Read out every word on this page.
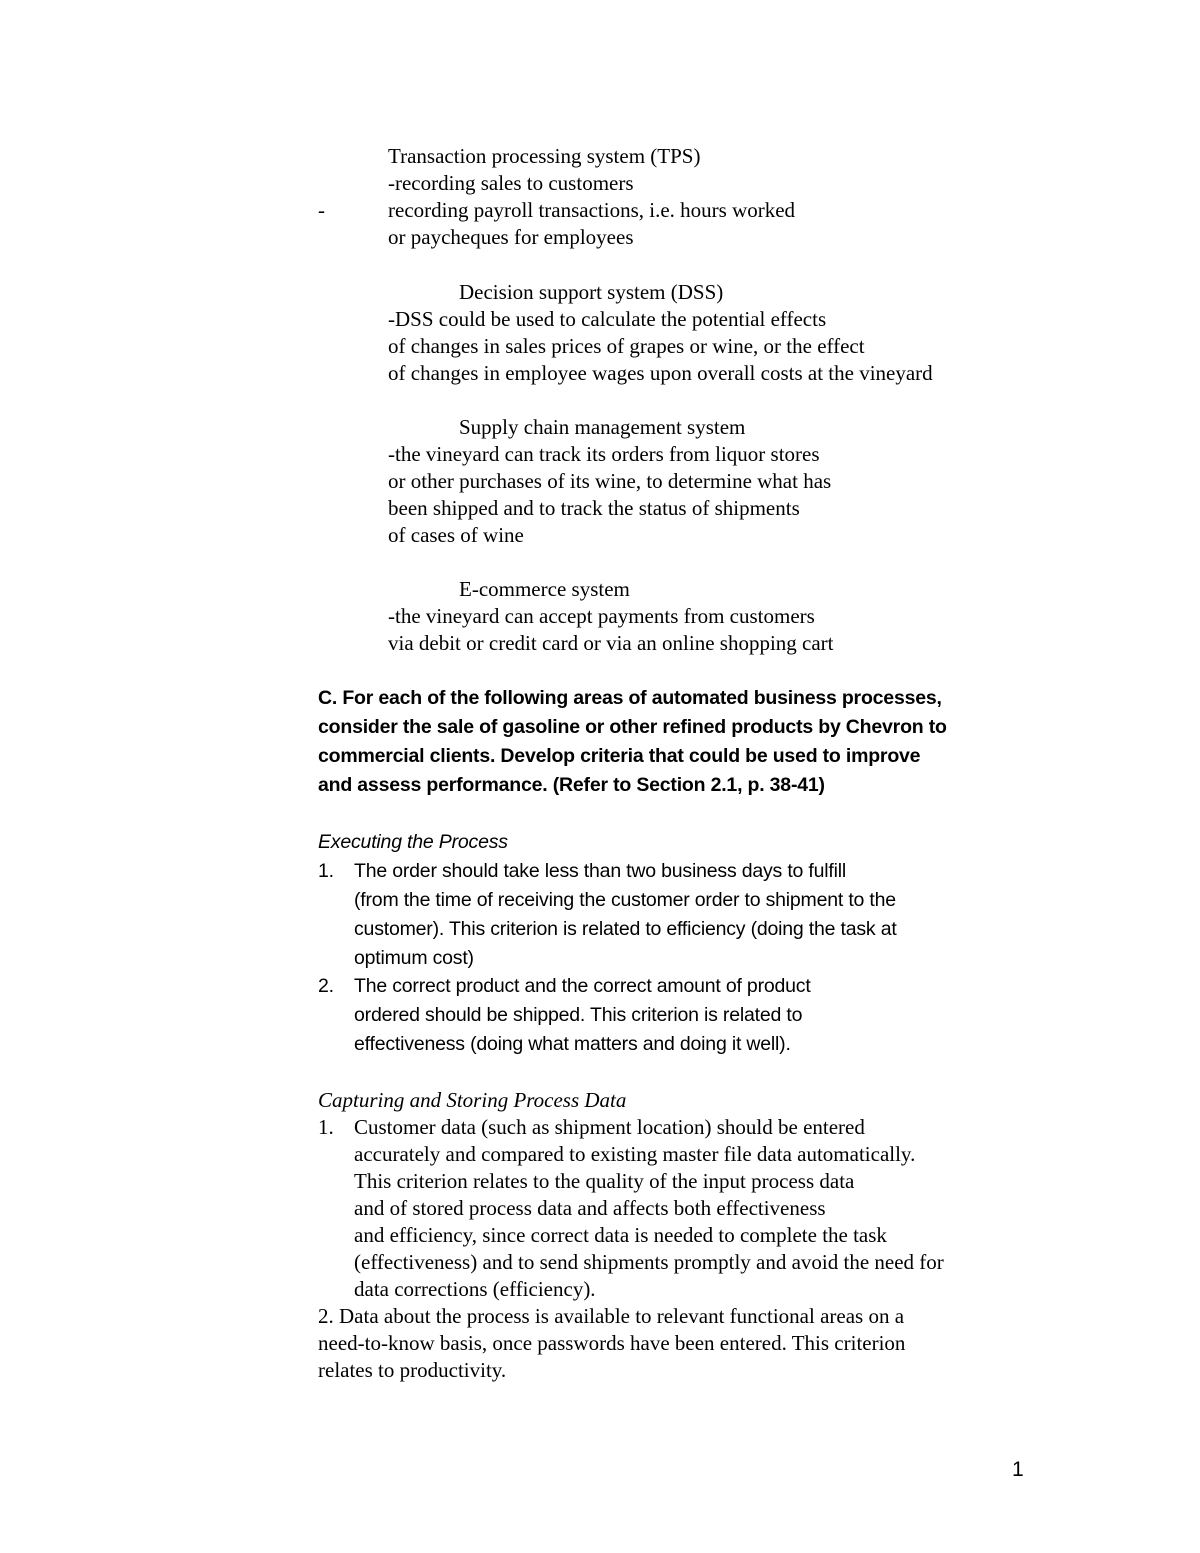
Transaction processing system (TPS)
-recording sales to customers
-	recording payroll transactions, i.e. hours worked
or paycheques for employees
Decision support system (DSS)
-DSS could be used to calculate the potential effects
of changes in sales prices of grapes or wine, or the effect
of changes in employee wages upon overall costs at the vineyard
Supply chain management system
-the vineyard can track its orders from liquor stores
or other purchases of its wine, to determine what has
been shipped and to track the status of shipments
of cases of wine
E-commerce system
-the vineyard can accept payments from customers
via debit or credit card or via an online shopping cart
C. For each of the following areas of automated business processes,
consider the sale of gasoline or other refined products by Chevron to
commercial clients. Develop criteria that could be used to improve
and assess performance. (Refer to Section 2.1, p. 38-41)
Executing the Process
1. The order should take less than two business days to fulfill
(from the time of receiving the customer order to shipment to the
customer). This criterion is related to efficiency (doing the task at
optimum cost)
2. The correct product and the correct amount of product
ordered should be shipped. This criterion is related to
effectiveness (doing what matters and doing it well).
Capturing and Storing Process Data
1. Customer data (such as shipment location) should be entered
accurately and compared to existing master file data automatically.
This criterion relates to the quality of the input process data
and of stored process data and affects both effectiveness
and efficiency, since correct data is needed to complete the task
(effectiveness) and to send shipments promptly and avoid the need for
data corrections (efficiency).
2. Data about the process is available to relevant functional areas on a
need-to-know basis, once passwords have been entered. This criterion
relates to productivity.
1
